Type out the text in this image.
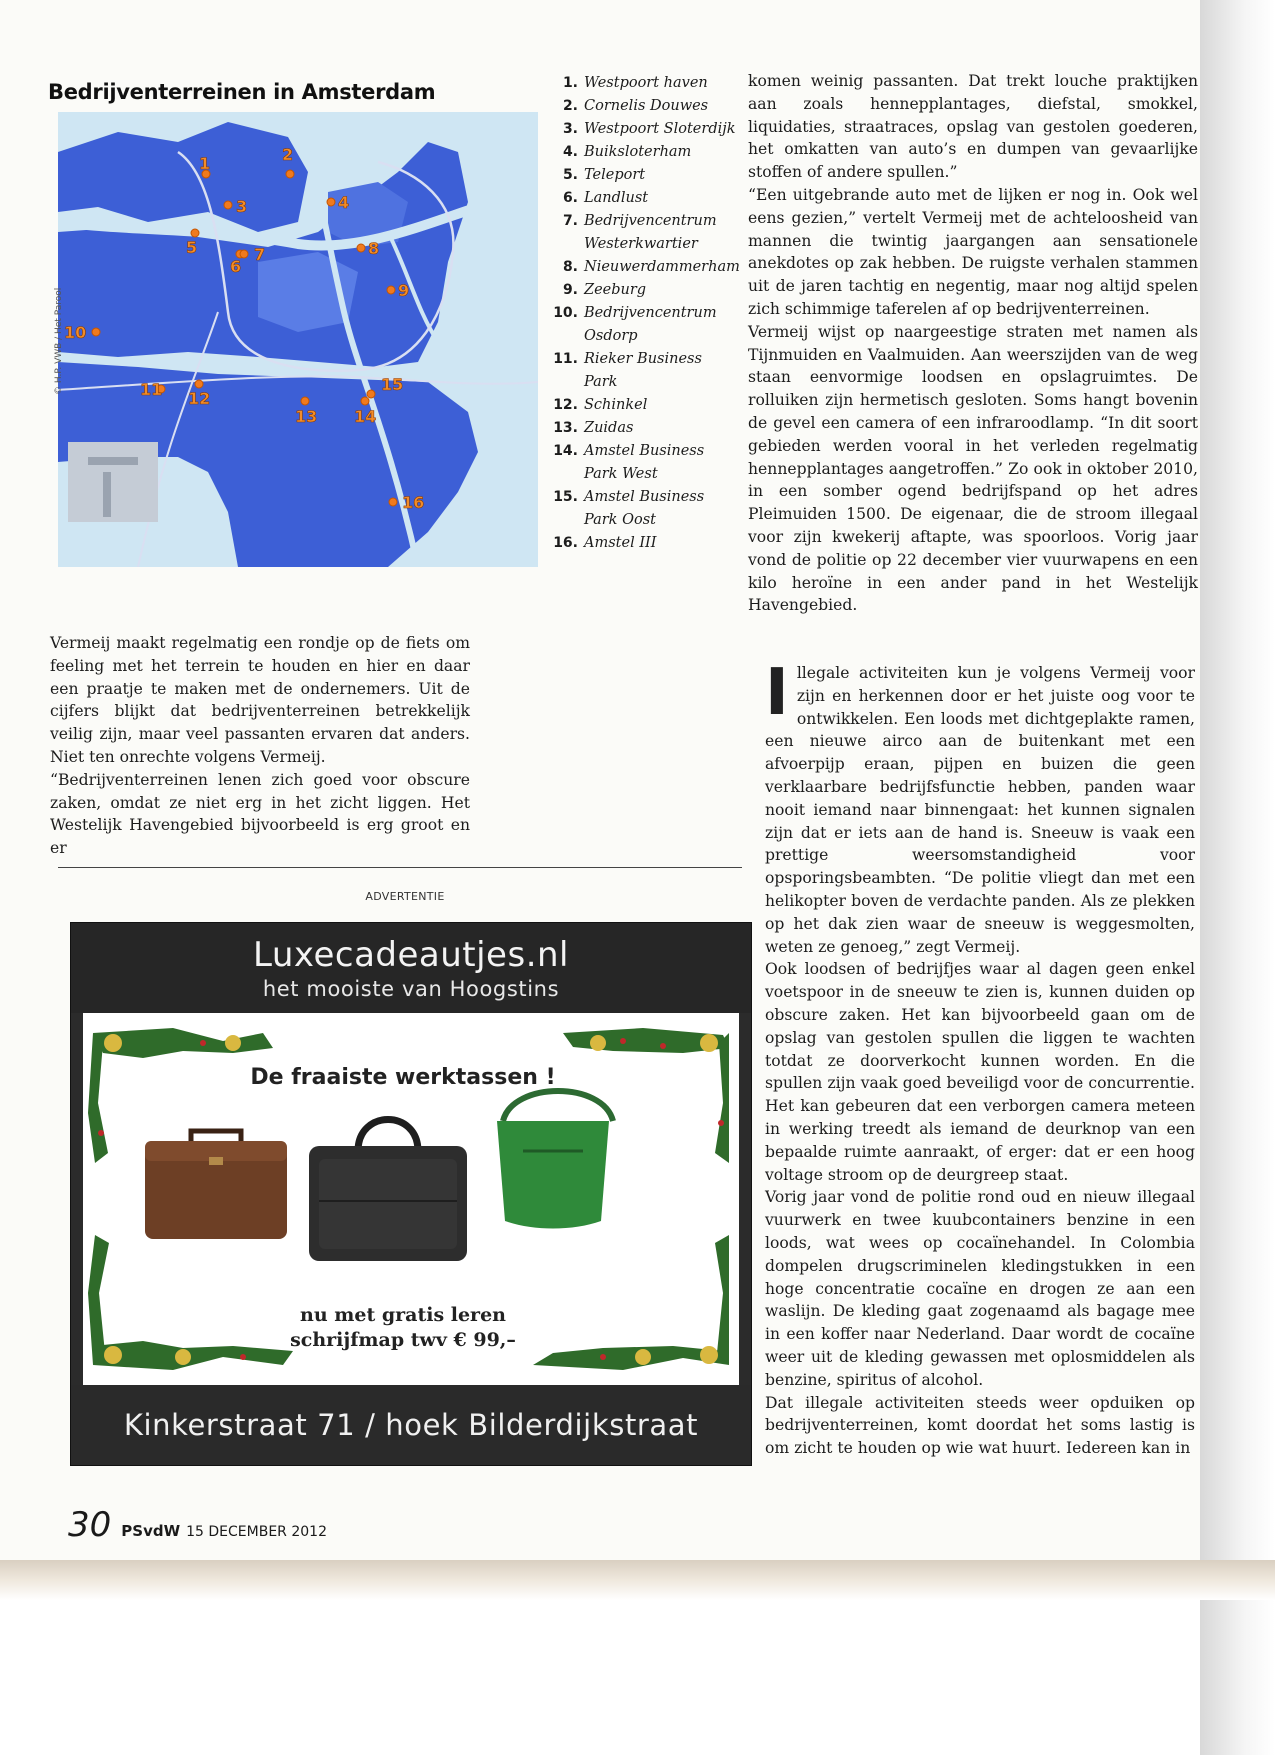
Bedrijventerreinen in Amsterdam
1	2
3	4
5
6
7	8
9
10
11 12
13 14
15
16
© H.P. VWB / Het Parool
1. Westpoort haven
2. Cornelis Douwes
3. Westpoort Sloterdijk
4. Buiksloterham
5. Teleport
6. Landlust
7. Bedrijvencentrum Westerkwartier
8. Nieuwerdammerham
9. Zeeburg
10. Bedrijvencentrum Osdorp
11. Rieker Business Park
12. Schinkel
13. Zuidas
14. Amstel Business Park West
15. Amstel Business Park Oost
16. Amstel III

komen weinig passanten. Dat trekt louche praktijken aan zoals hennepplantages, diefstal, smokkel, liquidaties, straatraces, opslag van gestolen goederen, het omkatten van auto’s en dumpen van gevaarlijke stoffen of andere spullen.”

“Een uitgebrande auto met de lijken er nog in. Ook wel eens gezien,” vertelt Vermeij met de achteloosheid van mannen die twintig jaargangen aan sensationele anekdotes op zak hebben. De ruigste verhalen stammen uit de jaren tachtig en negentig, maar nog altijd spelen zich schimmige taferelen af op bedrijventerreinen.

Vermeij wijst op naargeestige straten met namen als Tijnmuiden en Vaalmuiden. Aan weerszijden van de weg staan eenvormige loodsen en opslagruimtes. De rolluiken zijn hermetisch gesloten. Soms hangt bovenin de gevel een camera of een infraroodlamp. “In dit soort gebieden werden vooral in het verleden regelmatig hennepplantages aangetroffen.” Zo ook in oktober 2010, in een somber ogend bedrijfspand op het adres Pleimuiden 1500. De eigenaar, die de stroom illegaal voor zijn kwekerij aftapte, was spoorloos. Vorig jaar vond de politie op 22 december vier vuurwapens en een kilo heroïne in een ander pand in het Westelijk Havengebied.

Vermeij maakt regelmatig een rondje op de fiets om feeling met het terrein te houden en hier en daar een praatje te maken met de ondernemers. Uit de cijfers blijkt dat bedrijventerreinen betrekkelijk veilig zijn, maar veel passanten ervaren dat anders. Niet ten onrechte volgens Vermeij.

“Bedrijventerreinen lenen zich goed voor obscure zaken, omdat ze niet erg in het zicht liggen. Het Westelijk Havengebied bijvoorbeeld is erg groot en er

Illegale activiteiten kun je volgens Vermeij voor zijn en herkennen door er het juiste oog voor te ontwikkelen. Een loods met dichtgeplakte ramen, een nieuwe airco aan de buitenkant met een afvoerpijp eraan, pijpen en buizen die geen verklaarbare bedrijfsfunctie hebben, panden waar nooit iemand naar binnengaat: het kunnen signalen zijn dat er iets aan de hand is. Sneeuw is vaak een prettige weersomstandigheid voor opsporingsbeambten. “De politie vliegt dan met een helikopter boven de verdachte panden. Als ze plekken op het dak zien waar de sneeuw is weggesmolten, weten ze genoeg,” zegt Vermeij.

Ook loodsen of bedrijfjes waar al dagen geen enkel voetspoor in de sneeuw te zien is, kunnen duiden op obscure zaken. Het kan bijvoorbeeld gaan om de opslag van gestolen spullen die liggen te wachten totdat ze doorverkocht kunnen worden. En die spullen zijn vaak goed beveiligd voor de concurrentie. Het kan gebeuren dat een verborgen camera meteen in werking treedt als iemand de deurknop van een bepaalde ruimte aanraakt, of erger: dat er een hoog voltage stroom op de deurgreep staat.

Vorig jaar vond de politie rond oud en nieuw illegaal vuurwerk en twee kuubcontainers benzine in een loods, wat wees op cocaïnehandel. In Colombia dompelen drugscriminelen kledingstukken in een hoge concentratie cocaïne en drogen ze aan een waslijn. De kleding gaat zogenaamd als bagage mee in een koffer naar Nederland. Daar wordt de cocaïne weer uit de kleding gewassen met oplosmiddelen als benzine, spiritus of alcohol.

Dat illegale activiteiten steeds weer opduiken op bedrijventerreinen, komt doordat het soms lastig is om zicht te houden op wie wat huurt. Iedereen kan in

ADVERTENTIE
Luxecadeautjes.nl
het mooiste van Hoogstins
De fraaiste werktassen !
nu met gratis leren
schrijfmap twv € 99,–
Kinkerstraat 71 / hoek Bilderdijkstraat
30 PSvdW 15 DECEMBER 2012
